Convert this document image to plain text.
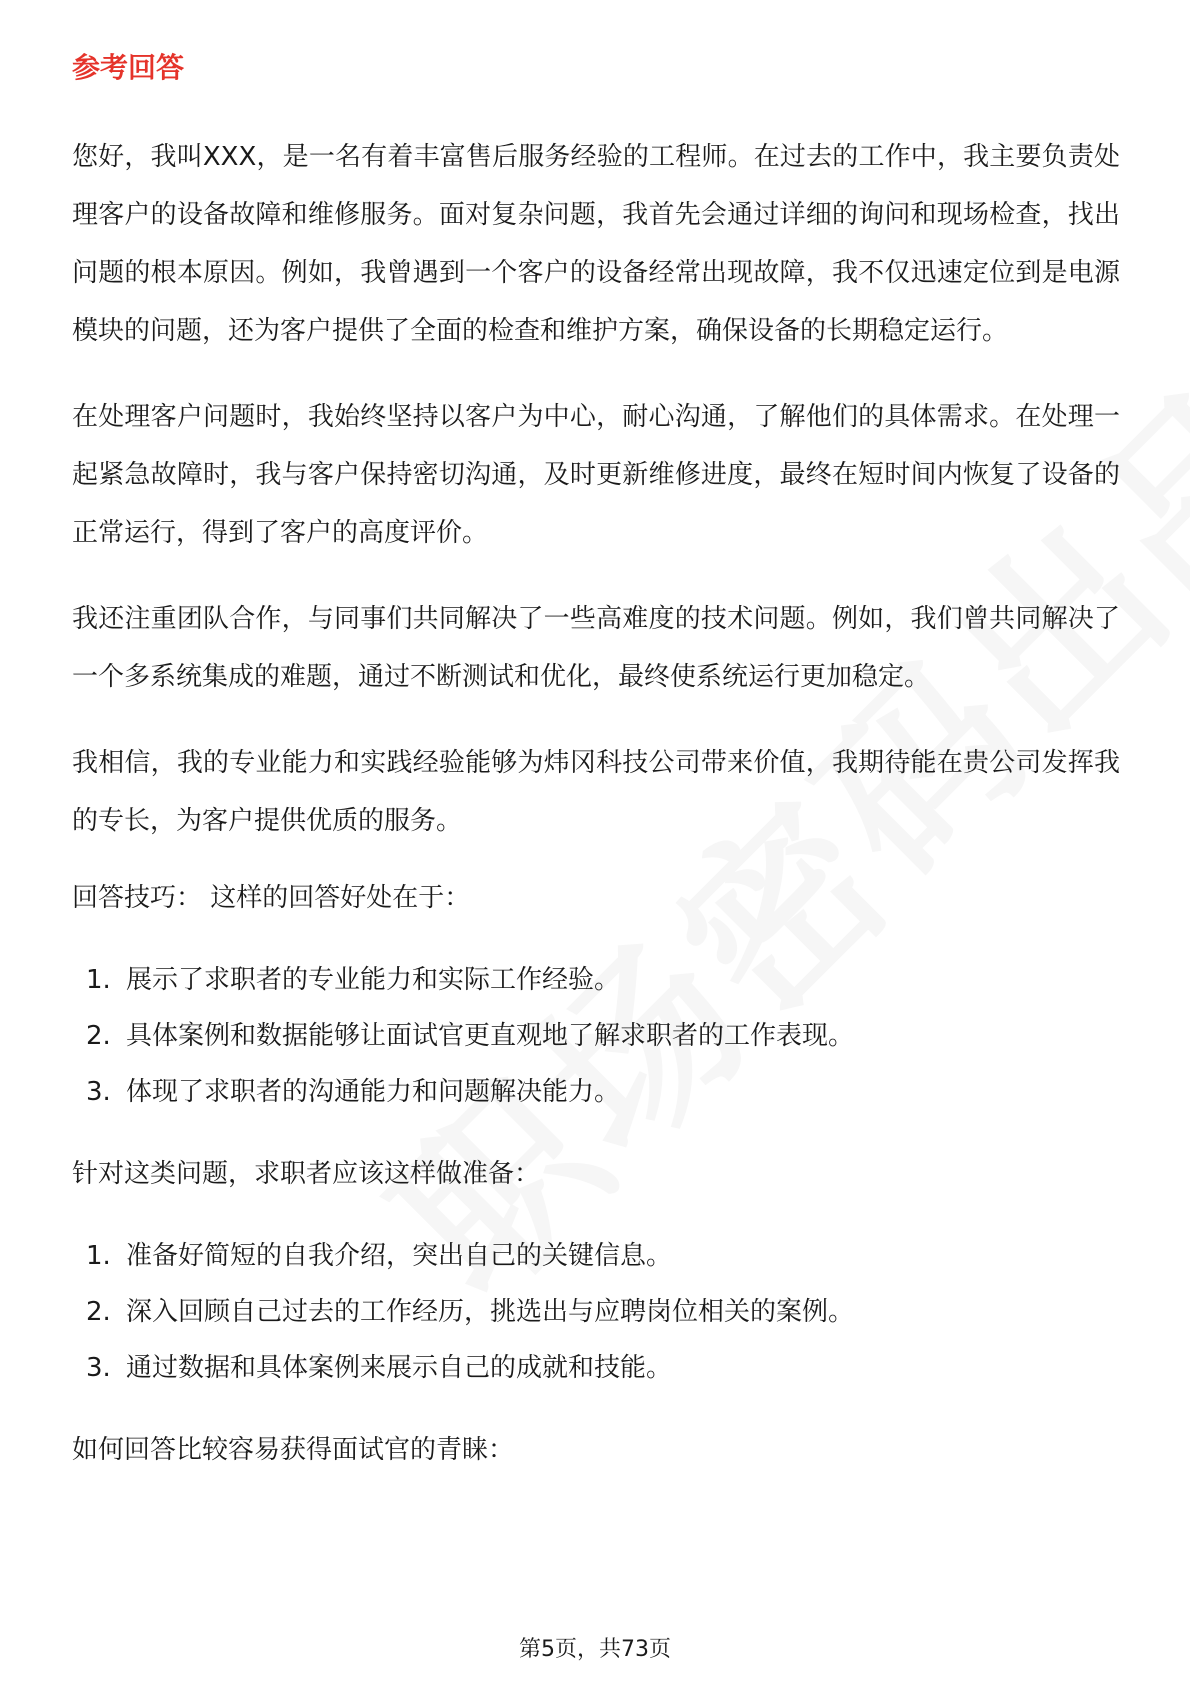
参考回答

您好，我叫XXX，是一名有着丰富售后服务经验的工程师。在过去的工作中，我主要负责处理客户的设备故障和维修服务。面对复杂问题，我首先会通过详细的询问和现场检查，找出问题的根本原因。例如，我曾遇到一个客户的设备经常出现故障，我不仅迅速定位到是电源模块的问题，还为客户提供了全面的检查和维护方案，确保设备的长期稳定运行。

在处理客户问题时，我始终坚持以客户为中心，耐心沟通，了解他们的具体需求。在处理一起紧急故障时，我与客户保持密切沟通，及时更新维修进度，最终在短时间内恢复了设备的正常运行，得到了客户的高度评价。

我还注重团队合作，与同事们共同解决了一些高难度的技术问题。例如，我们曾共同解决了一个多系统集成的难题，通过不断测试和优化，最终使系统运行更加稳定。

我相信，我的专业能力和实践经验能够为炜冈科技公司带来价值，我期待能在贵公司发挥我的专长，为客户提供优质的服务。

回答技巧： 这样的回答好处在于：
1. 展示了求职者的专业能力和实际工作经验。
2. 具体案例和数据能够让面试官更直观地了解求职者的工作表现。
3. 体现了求职者的沟通能力和问题解决能力。
针对这类问题，求职者应该这样做准备：
1. 准备好简短的自我介绍，突出自己的关键信息。
2. 深入回顾自己过去的工作经历，挑选出与应聘岗位相关的案例。
3. 通过数据和具体案例来展示自己的成就和技能。
如何回答比较容易获得面试官的青睐：
第5页，共73页
